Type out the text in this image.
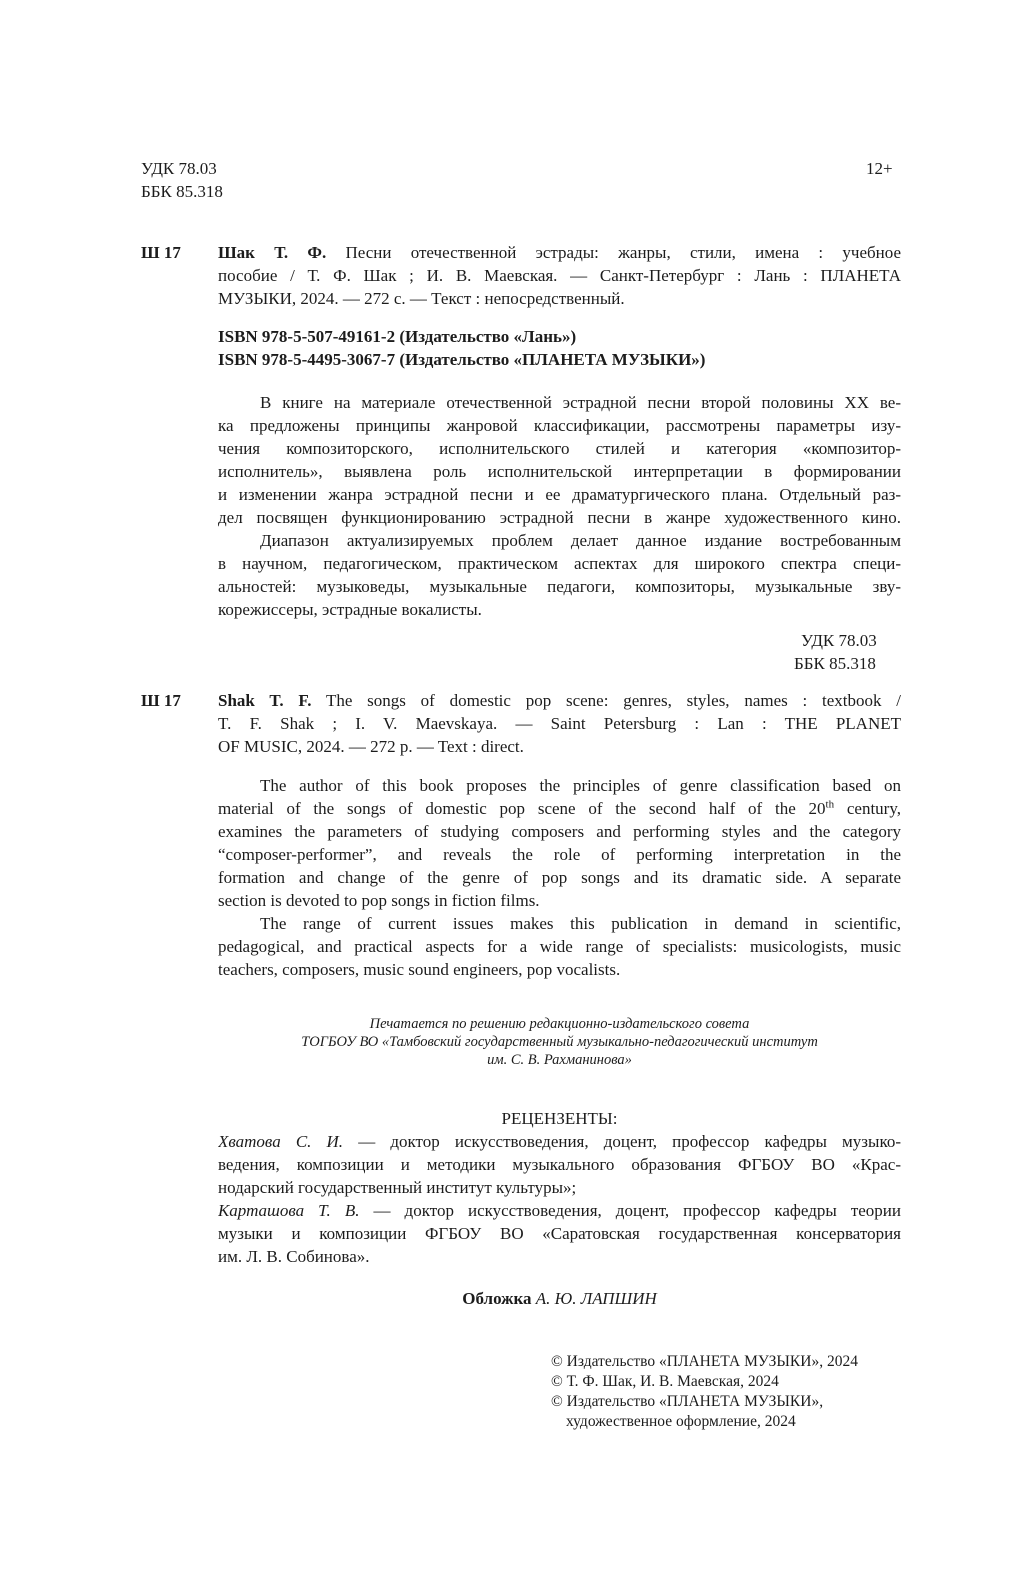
УДК 78.03
ББК 85.318
12+
Ш 17 Шак Т. Ф. Песни отечественной эстрады: жанры, стили, имена : учебное
пособие / Т. Ф. Шак ; И. В. Маевская. — Санкт-Петербург : Лань : ПЛАНЕТА
МУЗЫКИ, 2024. — 272 с. — Текст : непосредственный.
ISBN 978-5-507-49161-2 (Издательство «Лань»)
ISBN 978-5-4495-3067-7 (Издательство «ПЛАНЕТА МУЗЫКИ»)
В книге на материале отечественной эстрадной песни второй половины XX ве-
ка предложены принципы жанровой классификации, рассмотрены параметры изу-
чения композиторского, исполнительского стилей и категория «композитор-
исполнитель», выявлена роль исполнительской интерпретации в формировании
и изменении жанра эстрадной песни и ее драматургического плана. Отдельный раз-
дел посвящен функционированию эстрадной песни в жанре художественного кино.
Диапазон актуализируемых проблем делает данное издание востребованным
в научном, педагогическом, практическом аспектах для широкого спектра специ-
альностей: музыковеды, музыкальные педагоги, композиторы, музыкальные зву-
корежиссеры, эстрадные вокалисты.
УДК 78.03
ББК 85.318
Ш 17 Shak T. F. The songs of domestic pop scene: genres, styles, names : textbook /
T. F. Shak ; I. V. Maevskaya. — Saint Petersburg : Lan : THE PLANET
OF MUSIC, 2024. — 272 p. — Text : direct.
The author of this book proposes the principles of genre classification based on
material of the songs of domestic pop scene of the second half of the 20th century,
examines the parameters of studying composers and performing styles and the category
“composer-performer”, and reveals the role of performing interpretation in the
formation and change of the genre of pop songs and its dramatic side. A separate
section is devoted to pop songs in fiction films.
The range of current issues makes this publication in demand in scientific,
pedagogical, and practical aspects for a wide range of specialists: musicologists, music
teachers, composers, music sound engineers, pop vocalists.
Печатается по решению редакционно-издательского совета
ТОГБОУ ВО «Тамбовский государственный музыкально-педагогический институт
им. С. В. Рахманинова»
РЕЦЕНЗЕНТЫ:
Хватова С. И. — доктор искусствоведения, доцент, профессор кафедры музыко-
ведения, композиции и методики музыкального образования ФГБОУ ВО «Крас-
нодарский государственный институт культуры»;
Карташова Т. В. — доктор искусствоведения, доцент, профессор кафедры теории
музыки и композиции ФГБОУ ВО «Саратовская государственная консерватория
им. Л. В. Собинова».
Обложка А. Ю. ЛАПШИН
© Издательство «ПЛАНЕТА МУЗЫКИ», 2024
© Т. Ф. Шак, И. В. Маевская, 2024
© Издательство «ПЛАНЕТА МУЗЫКИ»,
художественное оформление, 2024
